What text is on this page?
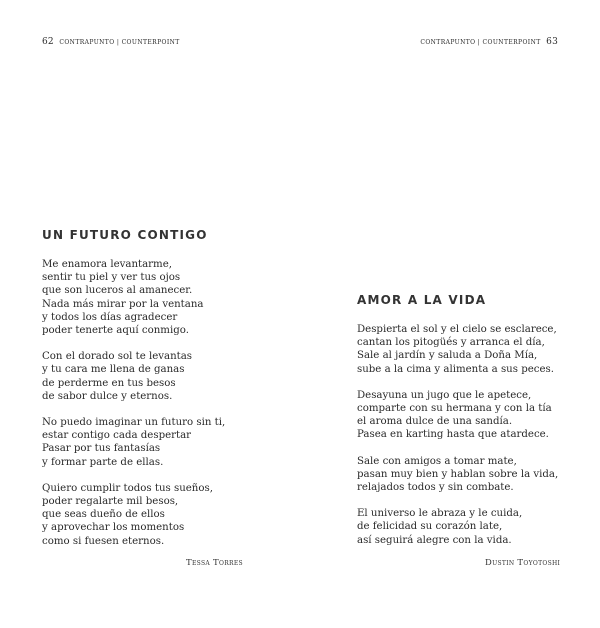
62 CONTRAPUNTO | COUNTERPOINT
UN FUTURO CONTIGO

Me enamora levantarme,
sentir tu piel y ver tus ojos
que son luceros al amanecer.
Nada más mirar por la ventana
y todos los días agradecer
poder tenerte aquí conmigo.

Con el dorado sol te levantas
y tu cara me llena de ganas
de perderme en tus besos
de sabor dulce y eternos.

No puedo imaginar un futuro sin ti,
estar contigo cada despertar
Pasar por tus fantasías
y formar parte de ellas.

Quiero cumplir todos tus sueños,
poder regalarte mil besos,
que seas dueño de ellos
y aprovechar los momentos
como si fuesen eternos.

Tessa Torres
CONTRAPUNTO | COUNTERPOINT 63
AMOR A LA VIDA

Despierta el sol y el cielo se esclarece,
cantan los pitogüés y arranca el día,
Sale al jardín y saluda a Doña Mía,
sube a la cima y alimenta a sus peces.

Desayuna un jugo que le apetece,
comparte con su hermana y con la tía
el aroma dulce de una sandía.
Pasea en karting hasta que atardece.

Sale con amigos a tomar mate,
pasan muy bien y hablan sobre la vida,
relajados todos y sin combate.

El universo le abraza y le cuida,
de felicidad su corazón late,
así seguirá alegre con la vida.

Dustin Toyotoshi
